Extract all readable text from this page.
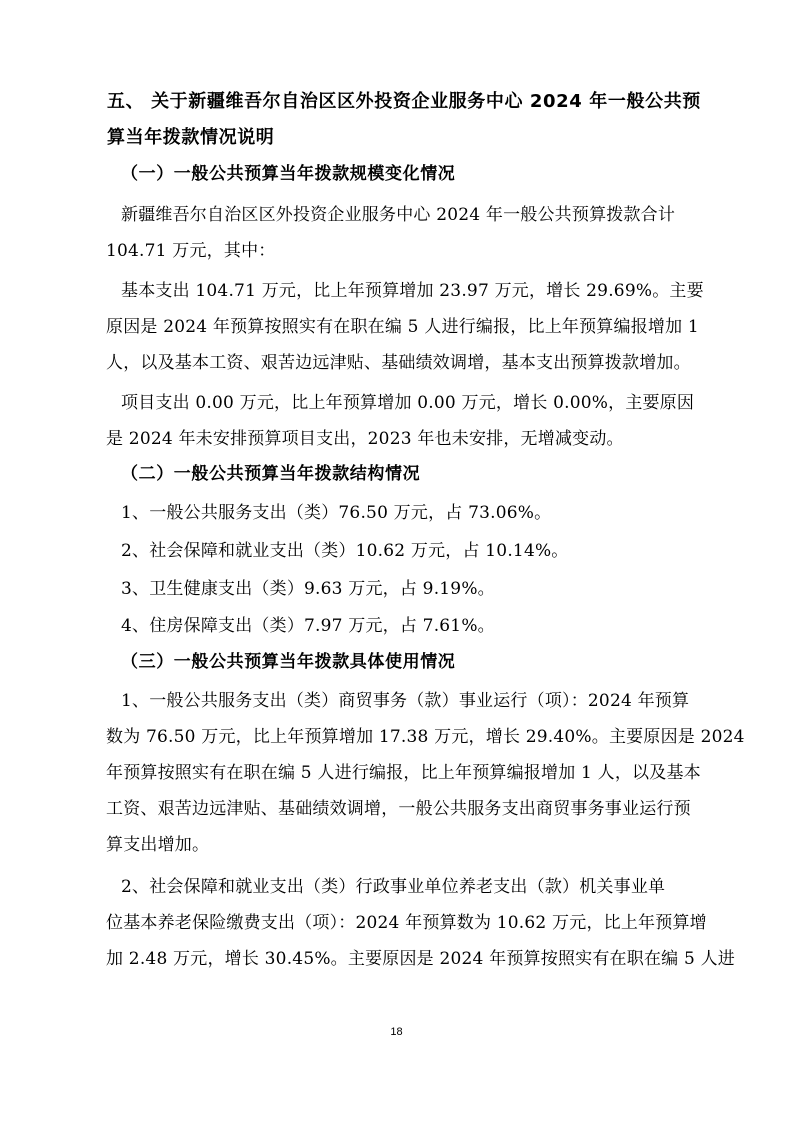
五、 关于新疆维吾尔自治区区外投资企业服务中心 2024 年一般公共预
算当年拨款情况说明
（一）一般公共预算当年拨款规模变化情况
新疆维吾尔自治区区外投资企业服务中心 2024 年一般公共预算拨款合计
104.71 万元，其中：
基本支出 104.71 万元，比上年预算增加 23.97 万元，增长 29.69%。主要
原因是 2024 年预算按照实有在职在编 5 人进行编报，比上年预算编报增加 1
人，以及基本工资、艰苦边远津贴、基础绩效调增，基本支出预算拨款增加。
项目支出 0.00 万元，比上年预算增加 0.00 万元，增长 0.00%，主要原因
是 2024 年未安排预算项目支出，2023 年也未安排，无增减变动。
（二）一般公共预算当年拨款结构情况
1、一般公共服务支出（类）76.50 万元，占 73.06%。
2、社会保障和就业支出（类）10.62 万元，占 10.14%。
3、卫生健康支出（类）9.63 万元，占 9.19%。
4、住房保障支出（类）7.97 万元，占 7.61%。
（三）一般公共预算当年拨款具体使用情况
1、一般公共服务支出（类）商贸事务（款）事业运行（项）：2024 年预算
数为 76.50 万元，比上年预算增加 17.38 万元，增长 29.40%。主要原因是 2024
年预算按照实有在职在编 5 人进行编报，比上年预算编报增加 1 人，以及基本
工资、艰苦边远津贴、基础绩效调增，一般公共服务支出商贸事务事业运行预
算支出增加。
2、社会保障和就业支出（类）行政事业单位养老支出（款）机关事业单
位基本养老保险缴费支出（项）：2024 年预算数为 10.62 万元，比上年预算增
加 2.48 万元，增长 30.45%。主要原因是 2024 年预算按照实有在职在编 5 人进
18
